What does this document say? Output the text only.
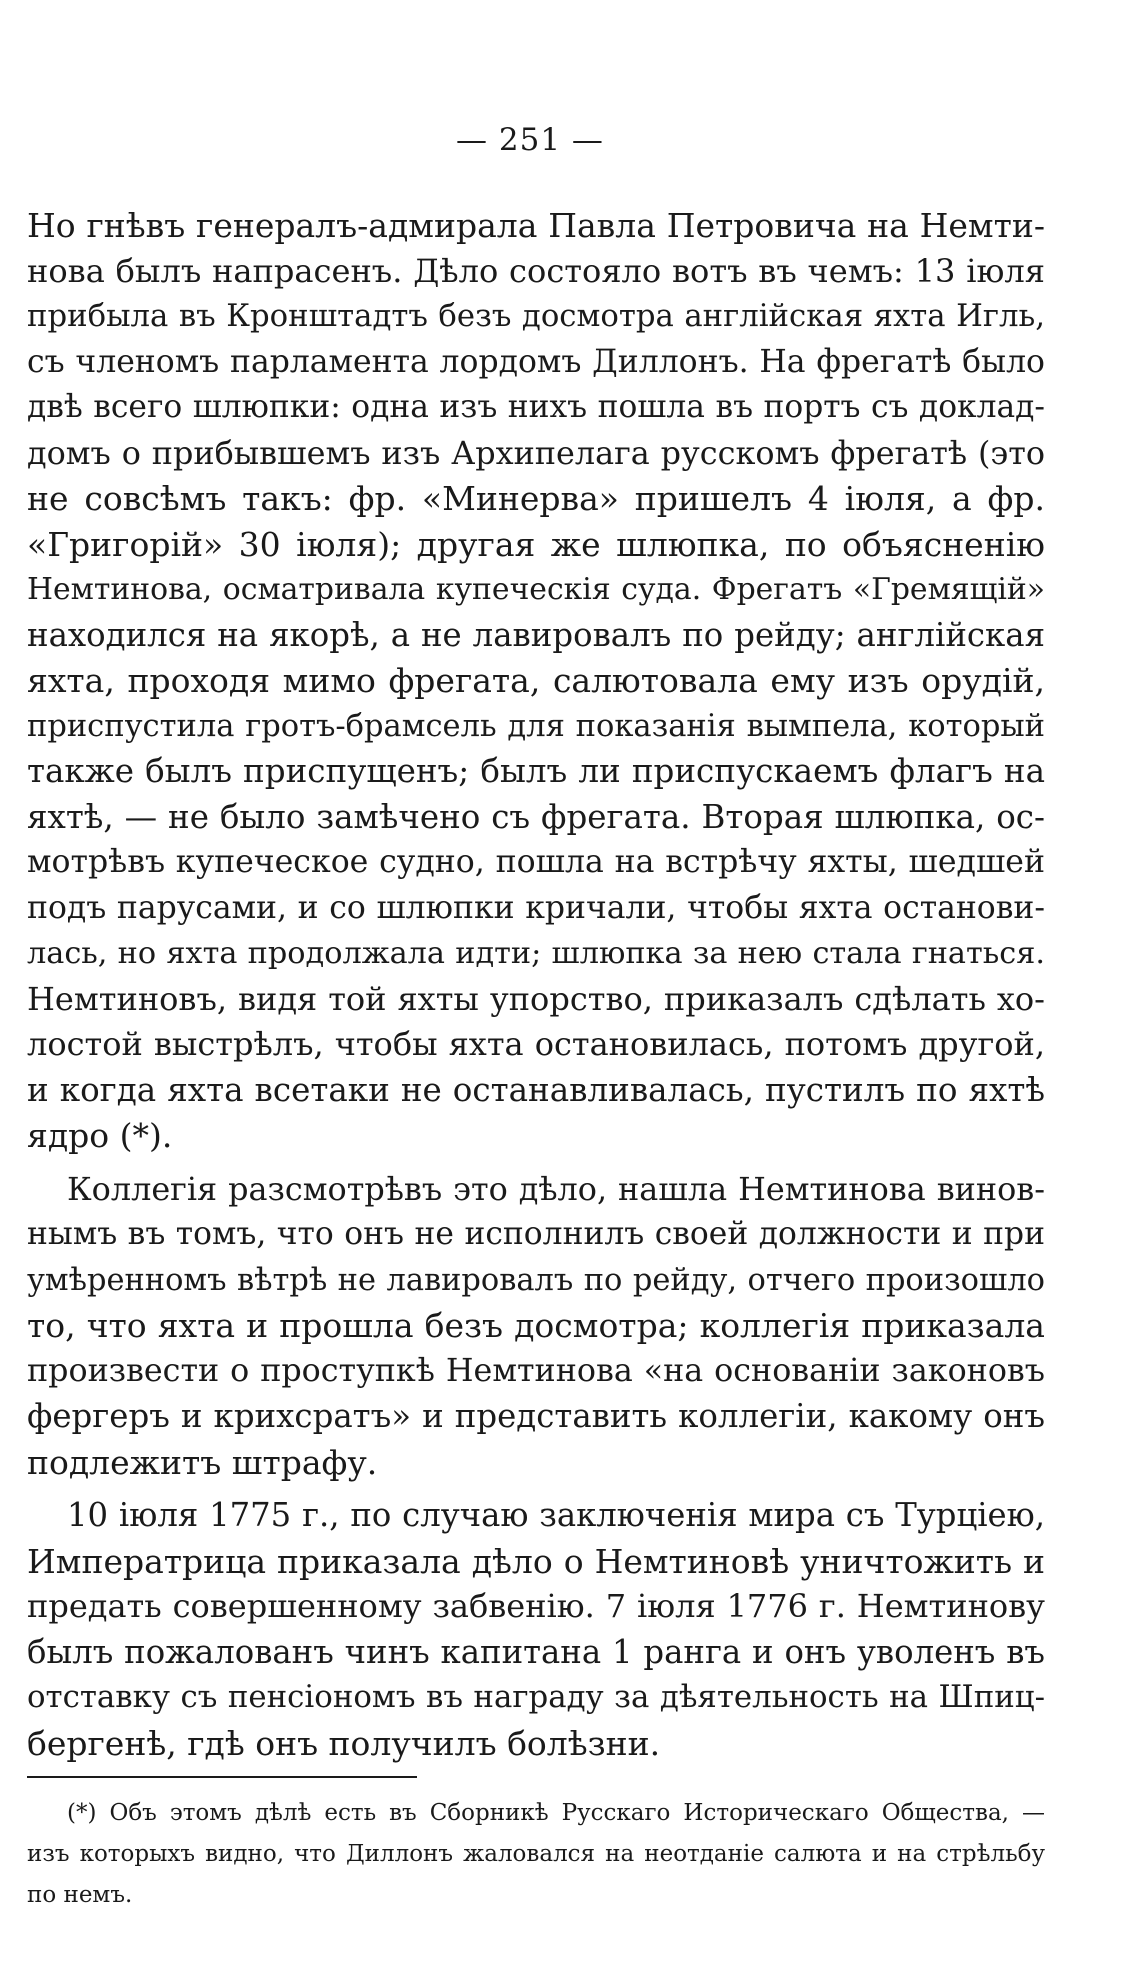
— 251 —
Но гнѣвъ генералъ-адмирала Павла Петровича на Немти-
нова былъ напрасенъ. Дѣло состояло вотъ въ чемъ: 13 іюля
прибыла въ Кронштадтъ безъ досмотра англійская яхта Игль,
съ членомъ парламента лордомъ Диллонъ. На фрегатѣ было
двѣ всего шлюпки: одна изъ нихъ пошла въ портъ съ доклад-
домъ о прибывшемъ изъ Архипелага русскомъ фрегатѣ (это
не совсѣмъ такъ: фр. «Минерва» пришелъ 4 іюля, а фр.
«Григорій» 30 іюля); другая же шлюпка, по объясненію
Немтинова, осматривала купеческія суда. Фрегатъ «Гремящій»
находился на якорѣ, а не лавировалъ по рейду; англійская
яхта, проходя мимо фрегата, салютовала ему изъ орудій,
приспустила гротъ-брамсель для показанія вымпела, который
также былъ приспущенъ; былъ ли приспускаемъ флагъ на
яхтѣ, — не было замѣчено съ фрегата. Вторая шлюпка, ос-
мотрѣвъ купеческое судно, пошла на встрѣчу яхты, шедшей
подъ парусами, и со шлюпки кричали, чтобы яхта останови-
лась, но яхта продолжала идти; шлюпка за нею стала гнаться.
Немтиновъ, видя той яхты упорство, приказалъ сдѣлать хо-
лостой выстрѣлъ, чтобы яхта остановилась, потомъ другой,
и когда яхта всетаки не останавливалась, пустилъ по яхтѣ
ядро (*).
Коллегія разсмотрѣвъ это дѣло, нашла Немтинова винов-
нымъ въ томъ, что онъ не исполнилъ своей должности и при
умѣренномъ вѣтрѣ не лавировалъ по рейду, отчего произошло
то, что яхта и прошла безъ досмотра; коллегія приказала
произвести о проступкѣ Немтинова «на основаніи законовъ
фергеръ и крихсратъ» и представить коллегіи, какому онъ
подлежитъ штрафу.
10 іюля 1775 г., по случаю заключенія мира съ Турціею,
Императрица приказала дѣло о Немтиновѣ уничтожить и
предать совершенному забвенію. 7 іюля 1776 г. Немтинову
былъ пожалованъ чинъ капитана 1 ранга и онъ уволенъ въ
отставку съ пенсіономъ въ награду за дѣятельность на Шпиц-
бергенѣ, гдѣ онъ получилъ болѣзни.
(*) Объ этомъ дѣлѣ есть въ Сборникѣ Русскаго Историческаго Общества, —
изъ которыхъ видно, что Диллонъ жаловался на неотданіе салюта и на стрѣльбу
по немъ.
